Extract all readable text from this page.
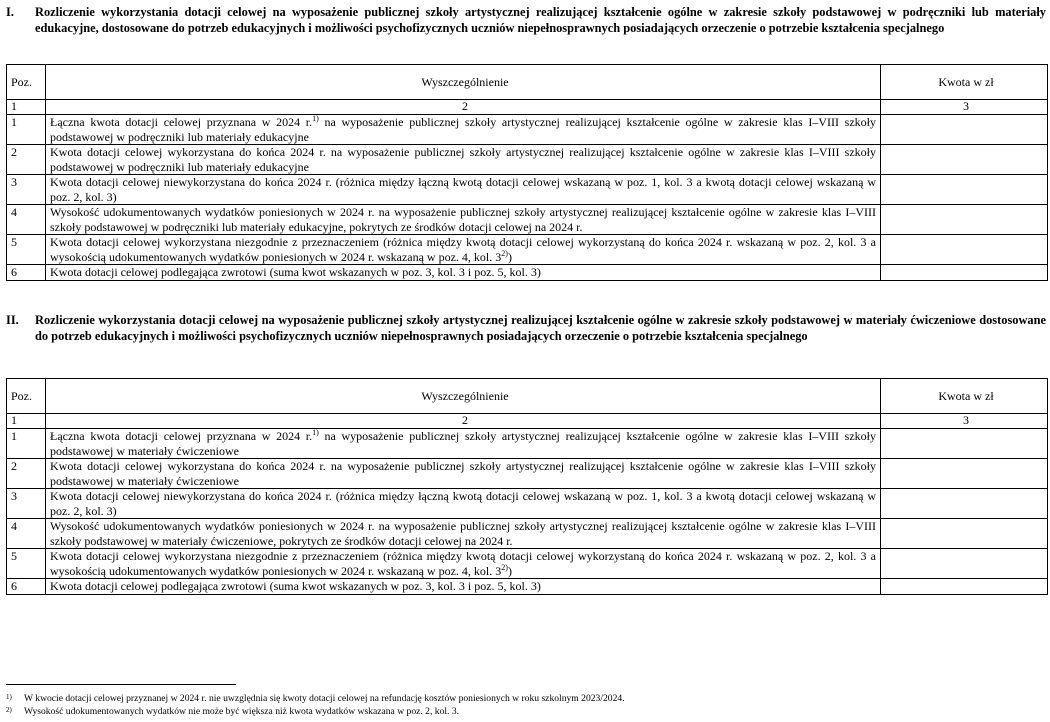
I.	Rozliczenie wykorzystania dotacji celowej na wyposażenie publicznej szkoły artystycznej realizującej kształcenie ogólne w zakresie szkoły podstawowej w podręczniki lub materiały edukacyjne, dostosowane do potrzeb edukacyjnych i możliwości psychofizycznych uczniów niepełnosprawnych posiadających orzeczenie o potrzebie kształcenia specjalnego
Poz.	Wyszczególnienie	Kwota w zł
1	2	3
1	Łączna kwota dotacji celowej przyznana w 2024 r.$^{1)}$ na wyposażenie publicznej szkoły artystycznej realizującej kształcenie ogólne w zakresie klas I–VIII szkoły podstawowej w podręczniki lub materiały edukacyjne	
2	Kwota dotacji celowej wykorzystana do końca 2024 r. na wyposażenie publicznej szkoły artystycznej realizującej kształcenie ogólne w zakresie klas I–VIII szkoły podstawowej w podręczniki lub materiały edukacyjne	
3	Kwota dotacji celowej niewykorzystana do końca 2024 r. (różnica między łączną kwotą dotacji celowej wskazaną w poz. 1, kol. 3 a kwotą dotacji celowej wskazaną w poz. 2, kol. 3)	
4	Wysokość udokumentowanych wydatków poniesionych w 2024 r. na wyposażenie publicznej szkoły artystycznej realizującej kształcenie ogólne w zakresie klas I–VIII szkoły podstawowej w podręczniki lub materiały edukacyjne, pokrytych ze środków dotacji celowej na 2024 r.	
5	Kwota dotacji celowej wykorzystana niezgodnie z przeznaczeniem (różnica między kwotą dotacji celowej wykorzystaną do końca 2024 r. wskazaną w poz. 2, kol. 3 a wysokością udokumentowanych wydatków poniesionych w 2024 r. wskazaną w poz. 4, kol. 3$^{2)}$)	
6	Kwota dotacji celowej podlegająca zwrotowi (suma kwot wskazanych w poz. 3, kol. 3 i poz. 5, kol. 3)	
II.	Rozliczenie wykorzystania dotacji celowej na wyposażenie publicznej szkoły artystycznej realizującej kształcenie ogólne w zakresie szkoły podstawowej w materiały ćwiczeniowe dostosowane do potrzeb edukacyjnych i możliwości psychofizycznych uczniów niepełnosprawnych posiadających orzeczenie o potrzebie kształcenia specjalnego
Poz.	Wyszczególnienie	Kwota w zł
1	2	3
1	Łączna kwota dotacji celowej przyznana w 2024 r.$^{1)}$ na wyposażenie publicznej szkoły artystycznej realizującej kształcenie ogólne w zakresie klas I–VIII szkoły podstawowej w materiały ćwiczeniowe	
2	Kwota dotacji celowej wykorzystana do końca 2024 r. na wyposażenie publicznej szkoły artystycznej realizującej kształcenie ogólne w zakresie klas I–VIII szkoły podstawowej w materiały ćwiczeniowe	
3	Kwota dotacji celowej niewykorzystana do końca 2024 r. (różnica między łączną kwotą dotacji celowej wskazaną w poz. 1, kol. 3 a kwotą dotacji celowej wskazaną w poz. 2, kol. 3)	
4	Wysokość udokumentowanych wydatków poniesionych w 2024 r. na wyposażenie publicznej szkoły artystycznej realizującej kształcenie ogólne w zakresie klas I–VIII szkoły podstawowej w materiały ćwiczeniowe, pokrytych ze środków dotacji celowej na 2024 r.	
5	Kwota dotacji celowej wykorzystana niezgodnie z przeznaczeniem (różnica między kwotą dotacji celowej wykorzystaną do końca 2024 r. wskazaną w poz. 2, kol. 3 a wysokością udokumentowanych wydatków poniesionych w 2024 r. wskazaną w poz. 4, kol. 3$^{2)}$)	
6	Kwota dotacji celowej podlegająca zwrotowi (suma kwot wskazanych w poz. 3, kol. 3 i poz. 5, kol. 3)	
1)	W kwocie dotacji celowej przyznanej w 2024 r. nie uwzględnia się kwoty dotacji celowej na refundację kosztów poniesionych w roku szkolnym 2023/2024.
2)	Wysokość udokumentowanych wydatków nie może być większa niż kwota wydatków wskazana w poz. 2, kol. 3.
